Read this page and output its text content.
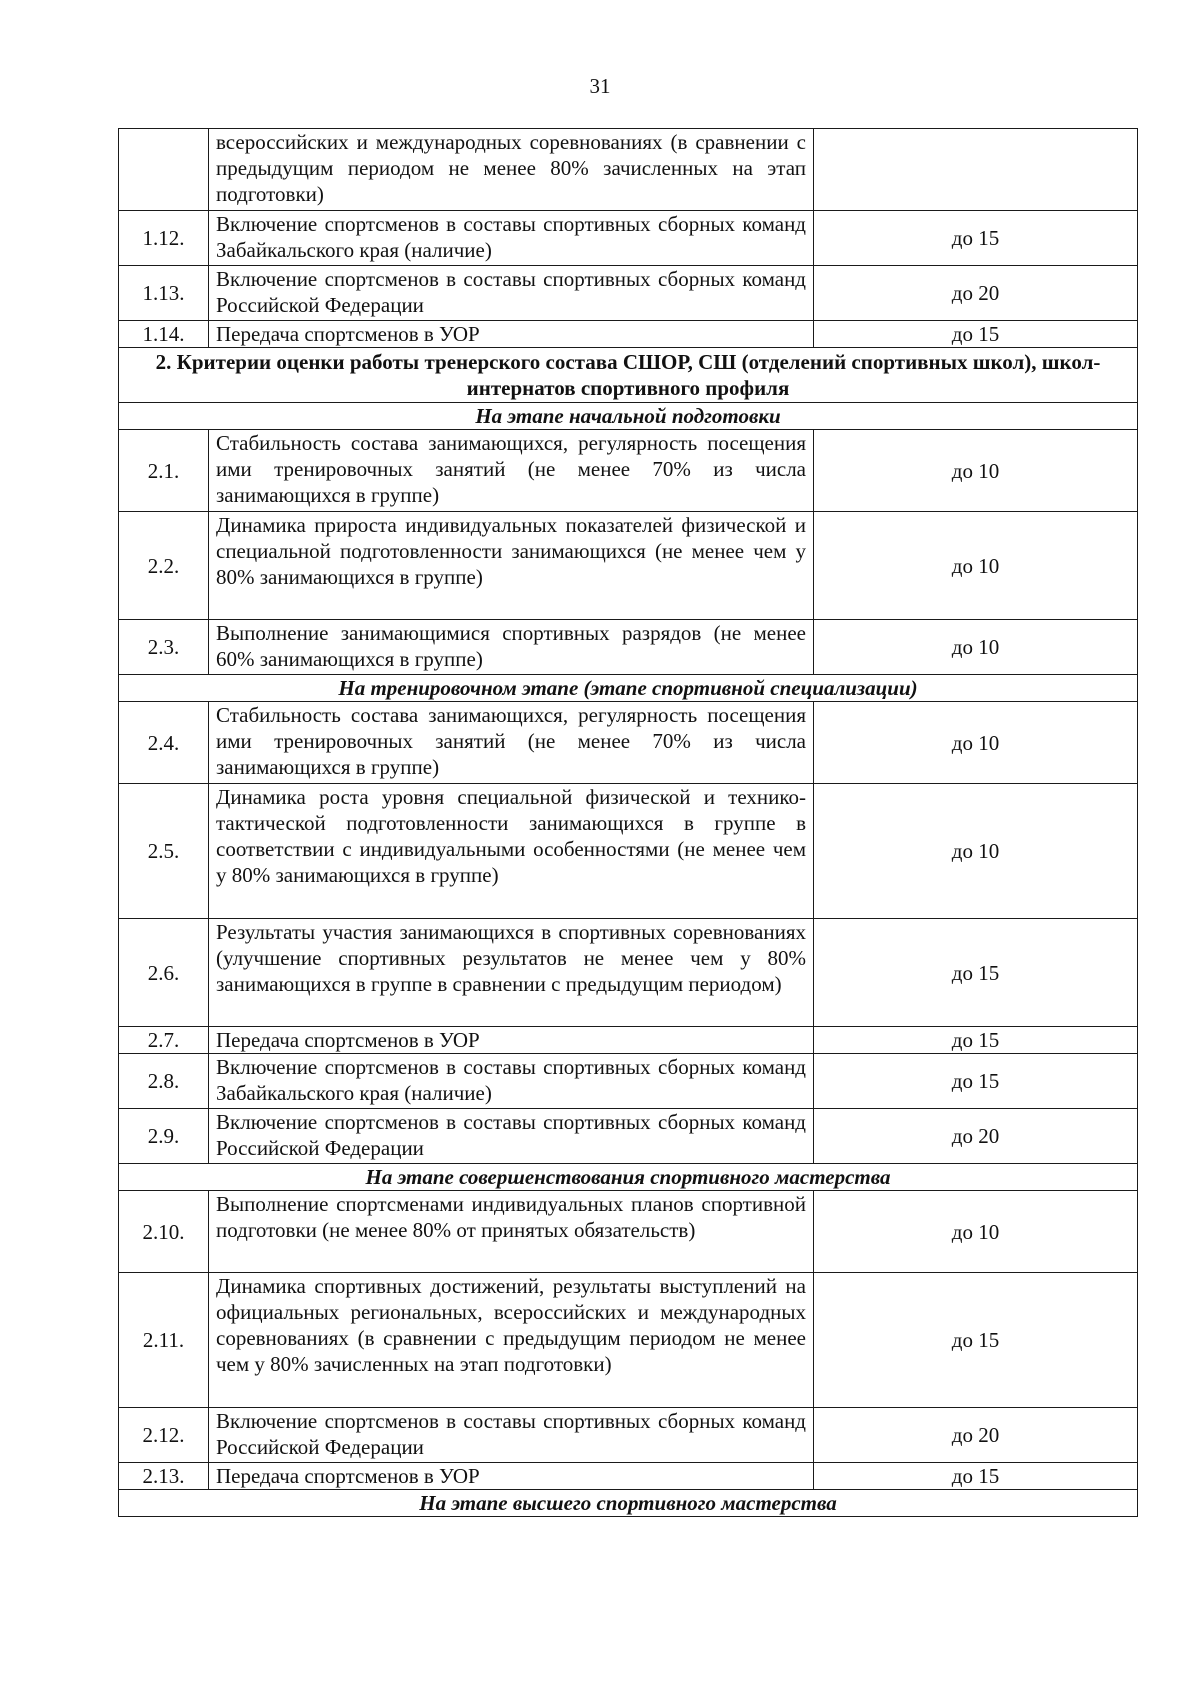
31
	всероссийских и международных соревнованиях (в сравнении с предыдущим периодом не менее 80% зачисленных на этап подготовки)	
1.12.	Включение спортсменов в составы спортивных сборных команд Забайкальского края (наличие)	до 15
1.13.	Включение спортсменов в составы спортивных сборных команд Российской Федерации	до 20
1.14.	Передача спортсменов в УОР	до 15
2. Критерии оценки работы тренерского состава СШОР, СШ (отделений спортивных школ), школ-интернатов спортивного профиля		
На этапе начальной подготовки		
2.1.	Стабильность состава занимающихся, регулярность посещения ими тренировочных занятий (не менее 70% из числа занимающихся в группе)	до 10
2.2.	Динамика прироста индивидуальных показателей физической и специальной подготовленности занимающихся (не менее чем у 80% занимающихся в группе)	до 10
2.3.	Выполнение занимающимися спортивных разрядов (не менее 60% занимающихся в группе)	до 10
На тренировочном этапе (этапе спортивной специализации)		
2.4.	Стабильность состава занимающихся, регулярность посещения ими тренировочных занятий (не менее 70% из числа занимающихся в группе)	до 10
2.5.	Динамика роста уровня специальной физической и технико-тактической подготовленности занимающихся в группе в соответствии с индивидуальными особенностями (не менее чем у 80% занимающихся в группе)	до 10
2.6.	Результаты участия занимающихся в спортивных соревнованиях (улучшение спортивных результатов не менее чем у 80% занимающихся в группе в сравнении с предыдущим периодом)	до 15
2.7.	Передача спортсменов в УОР	до 15
2.8.	Включение спортсменов в составы спортивных сборных команд Забайкальского края (наличие)	до 15
2.9.	Включение спортсменов в составы спортивных сборных команд Российской Федерации	до 20
На этапе совершенствования спортивного мастерства		
2.10.	Выполнение спортсменами индивидуальных планов спортивной подготовки (не менее 80% от принятых обязательств)	до 10
2.11.	Динамика спортивных достижений, результаты выступлений на официальных региональных, всероссийских и международных соревнованиях (в сравнении с предыдущим периодом не менее чем у 80% зачисленных на этап подготовки)	до 15
2.12.	Включение спортсменов в составы спортивных сборных команд Российской Федерации	до 20
2.13.	Передача спортсменов в УОР	до 15
На этапе высшего спортивного мастерства		
